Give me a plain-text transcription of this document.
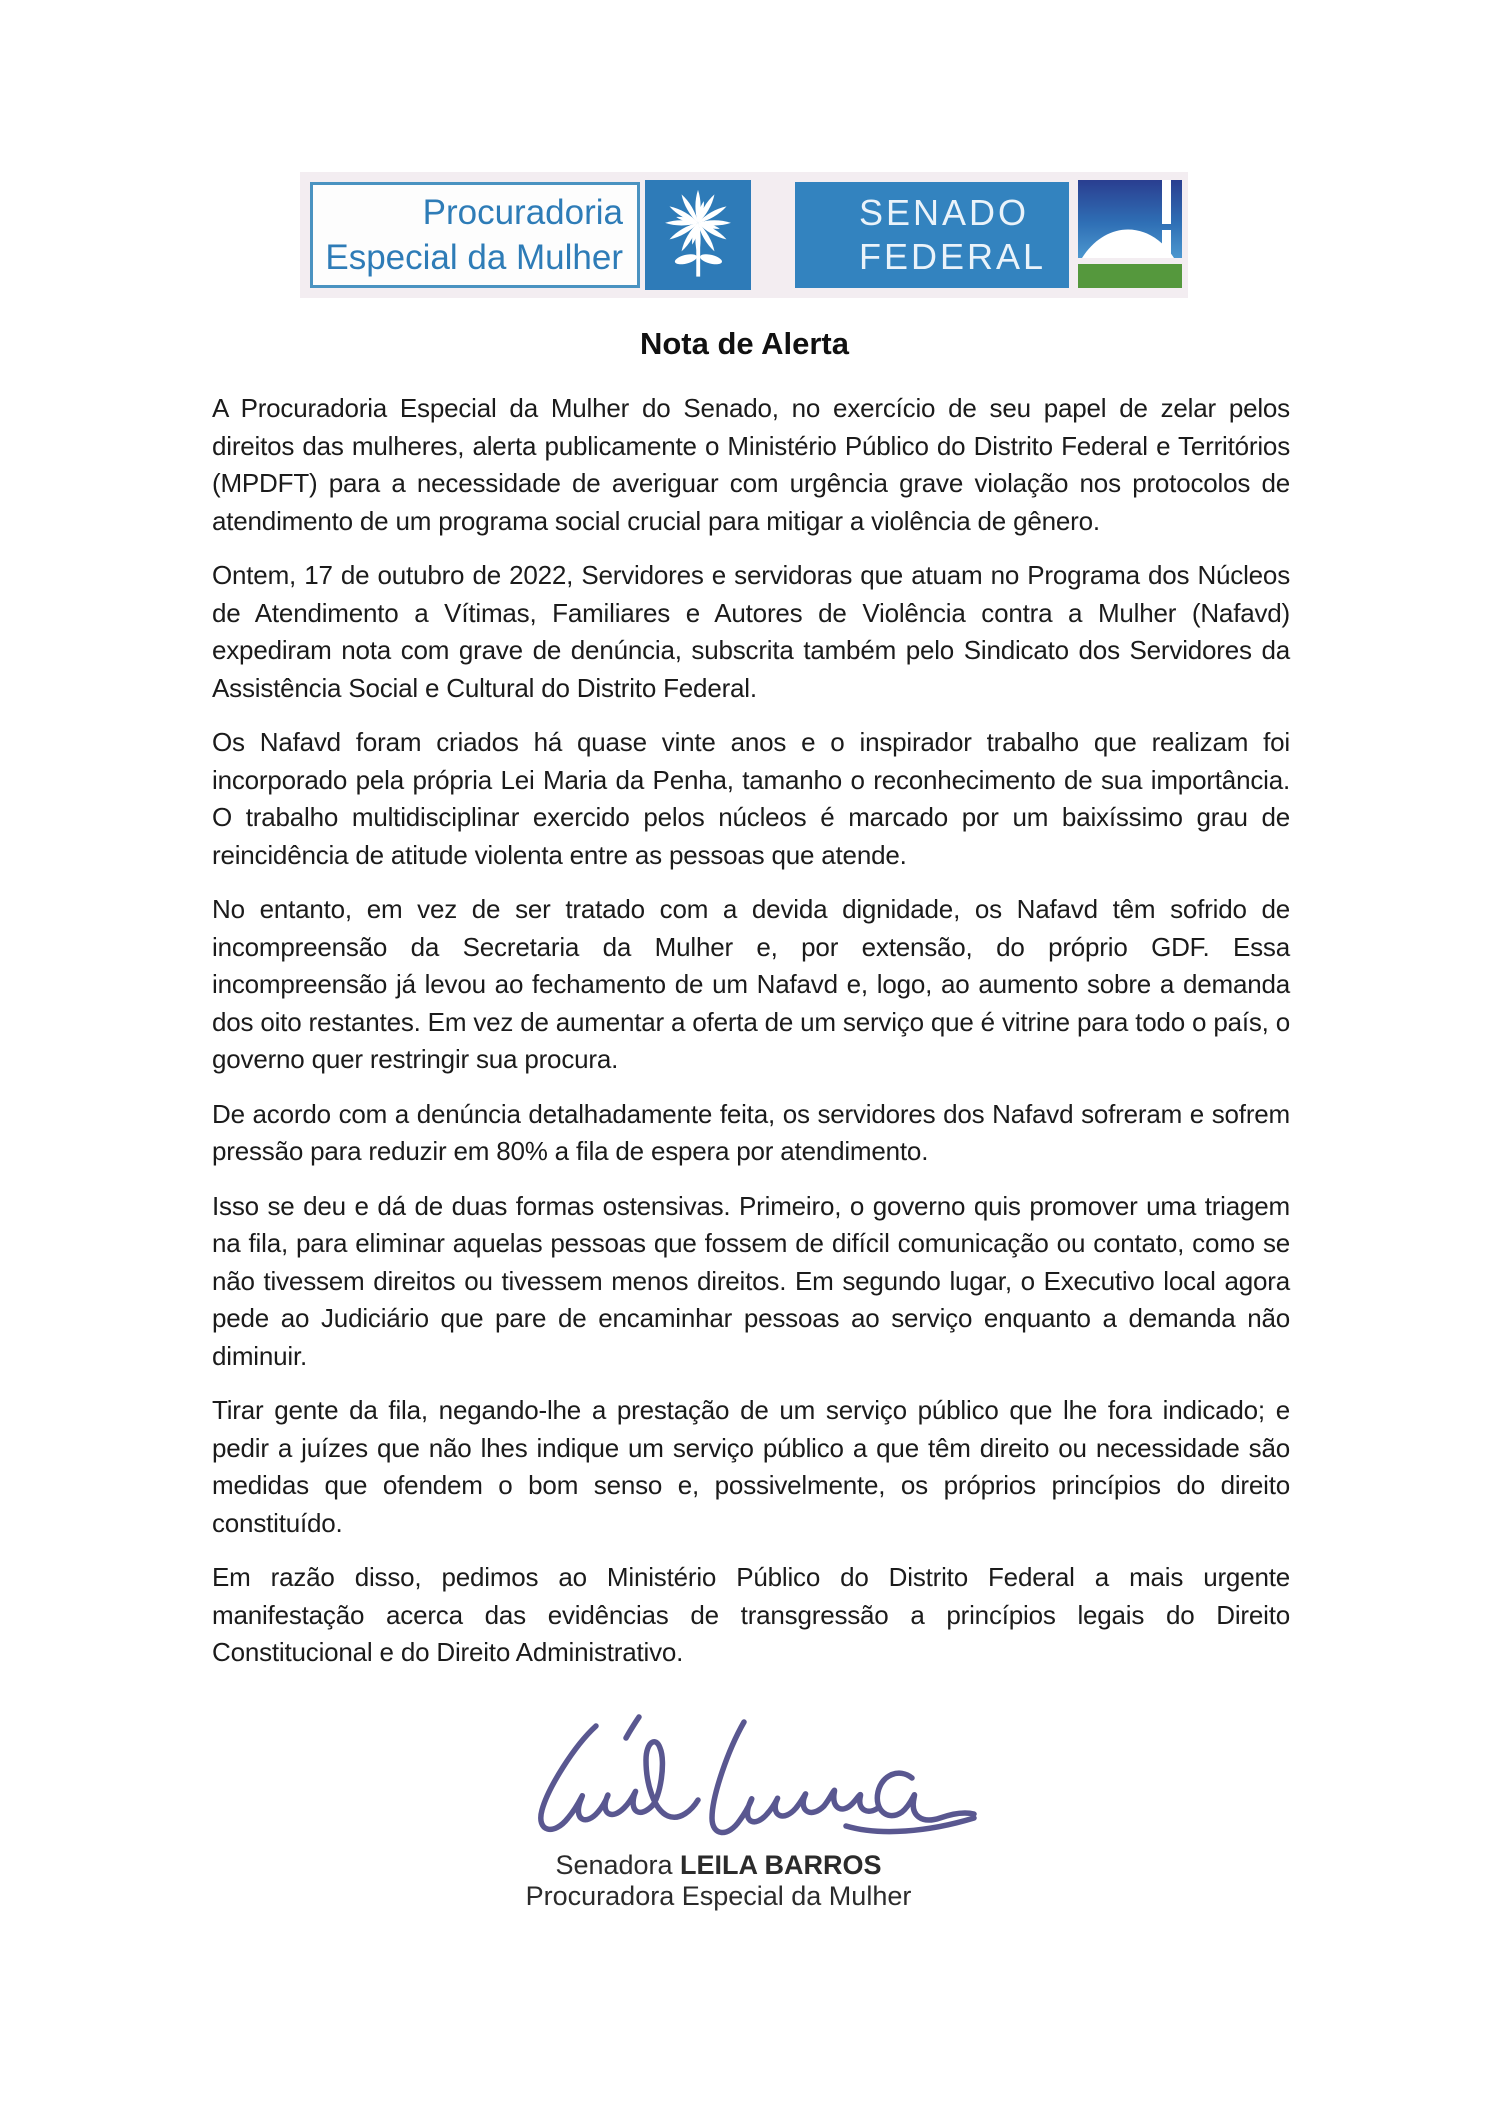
Procuradoria
Especial da Mulher
SENADO
FEDERAL
Nota de Alerta

A Procuradoria Especial da Mulher do Senado, no exercício de seu papel de zelar pelos direitos das mulheres, alerta publicamente o Ministério Público do Distrito Federal e Territórios (MPDFT) para a necessidade de averiguar com urgência grave violação nos protocolos de atendimento de um programa social crucial para mitigar a violência de gênero.

Ontem, 17 de outubro de 2022, Servidores e servidoras que atuam no Programa dos Núcleos de Atendimento a Vítimas, Familiares e Autores de Violência contra a Mulher (Nafavd) expediram nota com grave de denúncia, subscrita também pelo Sindicato dos Servidores da Assistência Social e Cultural do Distrito Federal.

Os Nafavd foram criados há quase vinte anos e o inspirador trabalho que realizam foi incorporado pela própria Lei Maria da Penha, tamanho o reconhecimento de sua importância. O trabalho multidisciplinar exercido pelos núcleos é marcado por um baixíssimo grau de reincidência de atitude violenta entre as pessoas que atende.

No entanto, em vez de ser tratado com a devida dignidade, os Nafavd têm sofrido de incompreensão da Secretaria da Mulher e, por extensão, do próprio GDF. Essa incompreensão já levou ao fechamento de um Nafavd e, logo, ao aumento sobre a demanda dos oito restantes. Em vez de aumentar a oferta de um serviço que é vitrine para todo o país, o governo quer restringir sua procura.

De acordo com a denúncia detalhadamente feita, os servidores dos Nafavd sofreram e sofrem pressão para reduzir em 80% a fila de espera por atendimento.

Isso se deu e dá de duas formas ostensivas. Primeiro, o governo quis promover uma triagem na fila, para eliminar aquelas pessoas que fossem de difícil comunicação ou contato, como se não tivessem direitos ou tivessem menos direitos. Em segundo lugar, o Executivo local agora pede ao Judiciário que pare de encaminhar pessoas ao serviço enquanto a demanda não diminuir.

Tirar gente da fila, negando-lhe a prestação de um serviço público que lhe fora indicado; e pedir a juízes que não lhes indique um serviço público a que têm direito ou necessidade são medidas que ofendem o bom senso e, possivelmente, os próprios princípios do direito constituído.

Em razão disso, pedimos ao Ministério Público do Distrito Federal a mais urgente manifestação acerca das evidências de transgressão a princípios legais do Direito Constitucional e do Direito Administrativo.

Senadora LEILA BARROS
Procuradora Especial da Mulher
